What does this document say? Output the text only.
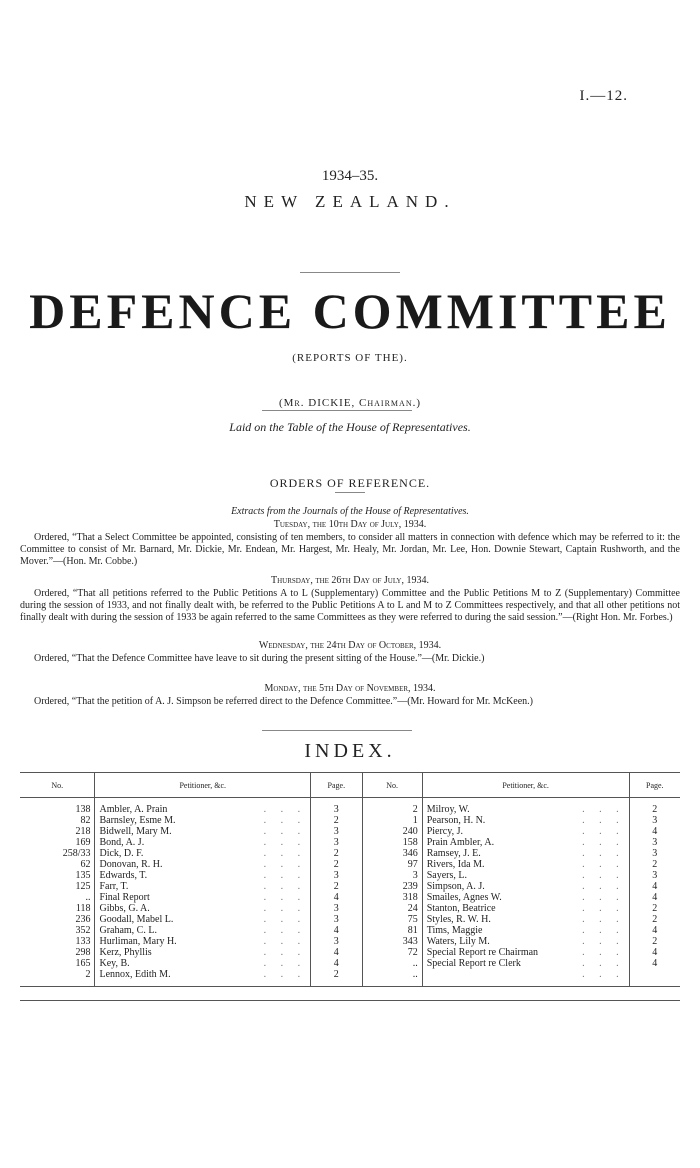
I.—12.
1934–35.
NEW ZEALAND.
DEFENCE COMMITTEE
(REPORTS OF THE).
(Mr. DICKIE, Chairman.)
Laid on the Table of the House of Representatives.
ORDERS OF REFERENCE.
Extracts from the Journals of the House of Representatives.
Tuesday, the 10th Day of July, 1934.
Ordered, “That a Select Committee be appointed, consisting of ten members, to consider all matters in connection with defence which may be referred to it: the Committee to consist of Mr. Barnard, Mr. Dickie, Mr. Endean, Mr. Hargest, Mr. Healy, Mr. Jordan, Mr. Lee, Hon. Downie Stewart, Captain Rushworth, and the Mover.”—(Hon. Mr. Cobbe.)
Thursday, the 26th Day of July, 1934.
Ordered, “That all petitions referred to the Public Petitions A to L (Supplementary) Committee and the Public Petitions M to Z (Supplementary) Committee during the session of 1933, and not finally dealt with, be referred to the Public Petitions A to L and M to Z Committees respectively, and that all other petitions not finally dealt with during the session of 1933 be again referred to the same Committees as they were referred to during the said session.”—(Right Hon. Mr. Forbes.)
Wednesday, the 24th Day of October, 1934.
Ordered, “That the Defence Committee have leave to sit during the present sitting of the House.”—(Mr. Dickie.)
Monday, the 5th Day of November, 1934.
Ordered, “That the petition of A. J. Simpson be referred direct to the Defence Committee.”—(Mr. Howard for Mr. McKeen.)
INDEX.
No.	Petitioner, &c.	Page.	No.	Petitioner, &c.	Page.
138	Ambler, A. Prain . . .	3	2	Milroy, W. . . .	2
82	Barnsley, Esme M. . . .	2	1	Pearson, H. N. . . .	3
218	Bidwell, Mary M. . . .	3	240	Piercy, J. . . .	4
169	Bond, A. J. . . .	3	158	Prain Ambler, A. . . .	3
258/33	Dick, D. F. . . .	2	346	Ramsey, J. E. . . .	3
62	Donovan, R. H. . . .	2	97	Rivers, Ida M. . . .	2
135	Edwards, T. . . .	3	3	Sayers, L. . . .	3
125	Farr, T. . . .	2	239	Simpson, A. J. . . .	4
..	Final Report . . .	4	318	Smailes, Agnes W. . . .	4
118	Gibbs, G. A. . . .	3	24	Stanton, Beatrice . . .	2
236	Goodall, Mabel L. . . .	3	75	Styles, R. W. H. . . .	2
352	Graham, C. L. . . .	4	81	Tims, Maggie . . .	4
133	Hurliman, Mary H. . . .	3	343	Waters, Lily M. . . .	2
298	Kerz, Phyllis . . .	4	72	Special Report re Chairman . . .	4
165	Key, B. . . .	4	..	Special Report re Clerk . . .	4
2	Lennox, Edith M. . . .	2	..	. . .	
